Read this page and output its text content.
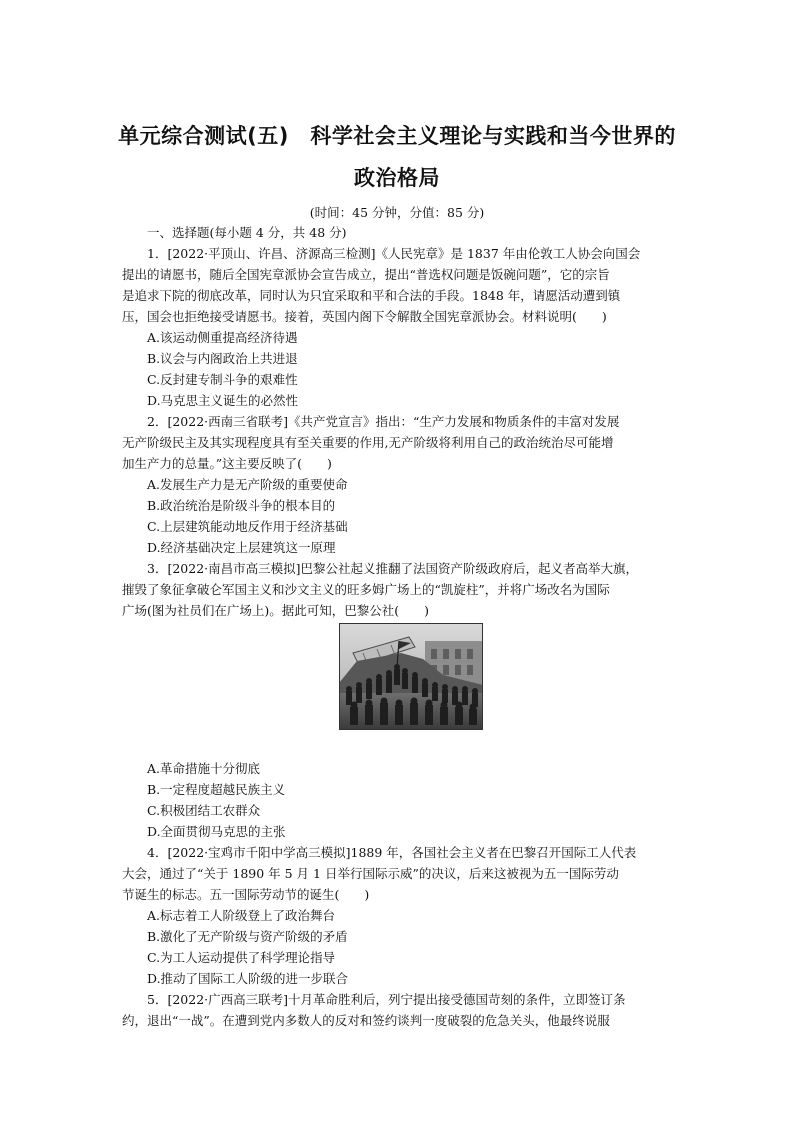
单元综合测试(五)　科学社会主义理论与实践和当今世界的
政治格局
(时间：45 分钟，分值：85 分)
一、选择题(每小题 4 分，共 48 分)
1．[2022·平顶山、许昌、济源高三检测]《人民宪章》是 1837 年由伦敦工人协会向国会
提出的请愿书，随后全国宪章派协会宣告成立，提出“普选权问题是饭碗问题”，它的宗旨
是追求下院的彻底改革，同时认为只宜采取和平和合法的手段。1848 年，请愿活动遭到镇
压，国会也拒绝接受请愿书。接着，英国内阁下令解散全国宪章派协会。材料说明(　　)
A.该运动侧重提高经济待遇
B.议会与内阁政治上共进退
C.反封建专制斗争的艰难性
D.马克思主义诞生的必然性
2．[2022·西南三省联考]《共产党宣言》指出：“生产力发展和物质条件的丰富对发展
无产阶级民主及其实现程度具有至关重要的作用,无产阶级将利用自己的政治统治尽可能增
加生产力的总量。”这主要反映了(　　)
A.发展生产力是无产阶级的重要使命
B.政治统治是阶级斗争的根本目的
C.上层建筑能动地反作用于经济基础
D.经济基础决定上层建筑这一原理
3．[2022·南昌市高三模拟]巴黎公社起义推翻了法国资产阶级政府后，起义者高举大旗，
摧毁了象征拿破仑军国主义和沙文主义的旺多姆广场上的“凯旋柱”，并将广场改名为国际
广场(图为社员们在广场上)。据此可知，巴黎公社(　　)
A.革命措施十分彻底
B.一定程度超越民族主义
C.积极团结工农群众
D.全面贯彻马克思的主张
4．[2022·宝鸡市千阳中学高三模拟]1889 年，各国社会主义者在巴黎召开国际工人代表
大会，通过了“关于 1890 年 5 月 1 日举行国际示威”的决议，后来这被视为五一国际劳动
节诞生的标志。五一国际劳动节的诞生(　　)
A.标志着工人阶级登上了政治舞台
B.激化了无产阶级与资产阶级的矛盾
C.为工人运动提供了科学理论指导
D.推动了国际工人阶级的进一步联合
5．[2022·广西高三联考]十月革命胜利后，列宁提出接受德国苛刻的条件，立即签订条
约，退出“一战”。在遭到党内多数人的反对和签约谈判一度破裂的危急关头，他最终说服
